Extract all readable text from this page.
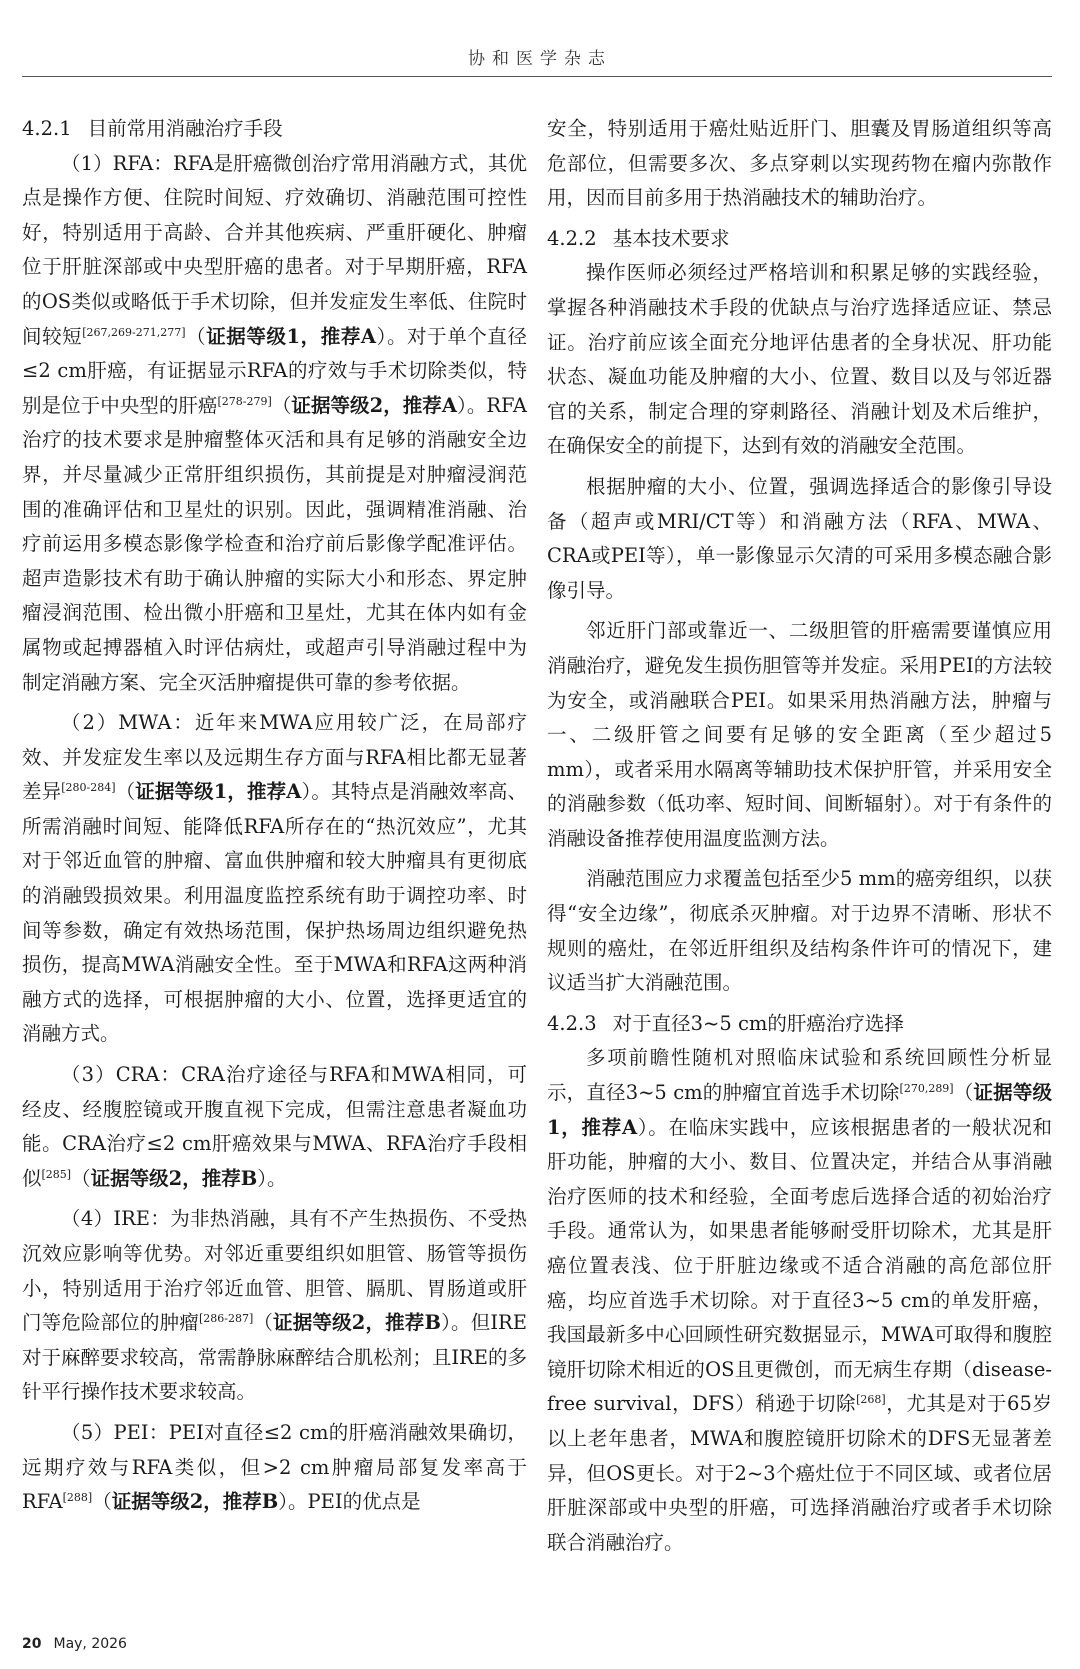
协和医学杂志
4.2.1 目前常用消融治疗手段

（1）RFA：RFA是肝癌微创治疗常用消融方式，其优点是操作方便、住院时间短、疗效确切、消融范围可控性好，特别适用于高龄、合并其他疾病、严重肝硬化、肿瘤位于肝脏深部或中央型肝癌的患者。对于早期肝癌，RFA的OS类似或略低于手术切除，但并发症发生率低、住院时间较短[267,269-271,277]（证据等级1，推荐A）。对于单个直径≤2 cm肝癌，有证据显示RFA的疗效与手术切除类似，特别是位于中央型的肝癌[278-279]（证据等级2，推荐A）。RFA治疗的技术要求是肿瘤整体灭活和具有足够的消融安全边界，并尽量减少正常肝组织损伤，其前提是对肿瘤浸润范围的准确评估和卫星灶的识别。因此，强调精准消融、治疗前运用多模态影像学检查和治疗前后影像学配准评估。超声造影技术有助于确认肿瘤的实际大小和形态、界定肿瘤浸润范围、检出微小肝癌和卫星灶，尤其在体内如有金属物或起搏器植入时评估病灶，或超声引导消融过程中为制定消融方案、完全灭活肿瘤提供可靠的参考依据。

（2）MWA：近年来MWA应用较广泛，在局部疗效、并发症发生率以及远期生存方面与RFA相比都无显著差异[280-284]（证据等级1，推荐A）。其特点是消融效率高、所需消融时间短、能降低RFA所存在的“热沉效应”，尤其对于邻近血管的肿瘤、富血供肿瘤和较大肿瘤具有更彻底的消融毁损效果。利用温度监控系统有助于调控功率、时间等参数，确定有效热场范围，保护热场周边组织避免热损伤，提高MWA消融安全性。至于MWA和RFA这两种消融方式的选择，可根据肿瘤的大小、位置，选择更适宜的消融方式。

（3）CRA：CRA治疗途径与RFA和MWA相同，可经皮、经腹腔镜或开腹直视下完成，但需注意患者凝血功能。CRA治疗≤2 cm肝癌效果与MWA、RFA治疗手段相似[285]（证据等级2，推荐B）。

（4）IRE：为非热消融，具有不产生热损伤、不受热沉效应影响等优势。对邻近重要组织如胆管、肠管等损伤小，特别适用于治疗邻近血管、胆管、膈肌、胃肠道或肝门等危险部位的肿瘤[286-287]（证据等级2，推荐B）。但IRE对于麻醉要求较高，常需静脉麻醉结合肌松剂；且IRE的多针平行操作技术要求较高。

（5）PEI：PEI对直径≤2 cm的肝癌消融效果确切，远期疗效与RFA类似，但>2 cm肿瘤局部复发率高于RFA[288]（证据等级2，推荐B）。PEI的优点是

安全，特别适用于癌灶贴近肝门、胆囊及胃肠道组织等高危部位，但需要多次、多点穿刺以实现药物在瘤内弥散作用，因而目前多用于热消融技术的辅助治疗。

4.2.2 基本技术要求

操作医师必须经过严格培训和积累足够的实践经验，掌握各种消融技术手段的优缺点与治疗选择适应证、禁忌证。治疗前应该全面充分地评估患者的全身状况、肝功能状态、凝血功能及肿瘤的大小、位置、数目以及与邻近器官的关系，制定合理的穿刺路径、消融计划及术后维护，在确保安全的前提下，达到有效的消融安全范围。

根据肿瘤的大小、位置，强调选择适合的影像引导设备（超声或MRI/CT等）和消融方法（RFA、MWA、CRA或PEI等），单一影像显示欠清的可采用多模态融合影像引导。

邻近肝门部或靠近一、二级胆管的肝癌需要谨慎应用消融治疗，避免发生损伤胆管等并发症。采用PEI的方法较为安全，或消融联合PEI。如果采用热消融方法，肿瘤与一、二级肝管之间要有足够的安全距离（至少超过5 mm），或者采用水隔离等辅助技术保护肝管，并采用安全的消融参数（低功率、短时间、间断辐射）。对于有条件的消融设备推荐使用温度监测方法。

消融范围应力求覆盖包括至少5 mm的癌旁组织，以获得“安全边缘”，彻底杀灭肿瘤。对于边界不清晰、形状不规则的癌灶，在邻近肝组织及结构条件许可的情况下，建议适当扩大消融范围。

4.2.3 对于直径3~5 cm的肝癌治疗选择

多项前瞻性随机对照临床试验和系统回顾性分析显示，直径3~5 cm的肿瘤宜首选手术切除[270,289]（证据等级1，推荐A）。在临床实践中，应该根据患者的一般状况和肝功能，肿瘤的大小、数目、位置决定，并结合从事消融治疗医师的技术和经验，全面考虑后选择合适的初始治疗手段。通常认为，如果患者能够耐受肝切除术，尤其是肝癌位置表浅、位于肝脏边缘或不适合消融的高危部位肝癌，均应首选手术切除。对于直径3~5 cm的单发肝癌，我国最新多中心回顾性研究数据显示，MWA可取得和腹腔镜肝切除术相近的OS且更微创，而无病生存期（disease-free survival，DFS）稍逊于切除[268]，尤其是对于65岁以上老年患者，MWA和腹腔镜肝切除术的DFS无显著差异，但OS更长。对于2~3个癌灶位于不同区域、或者位居肝脏深部或中央型的肝癌，可选择消融治疗或者手术切除联合消融治疗。

20 May, 2026
